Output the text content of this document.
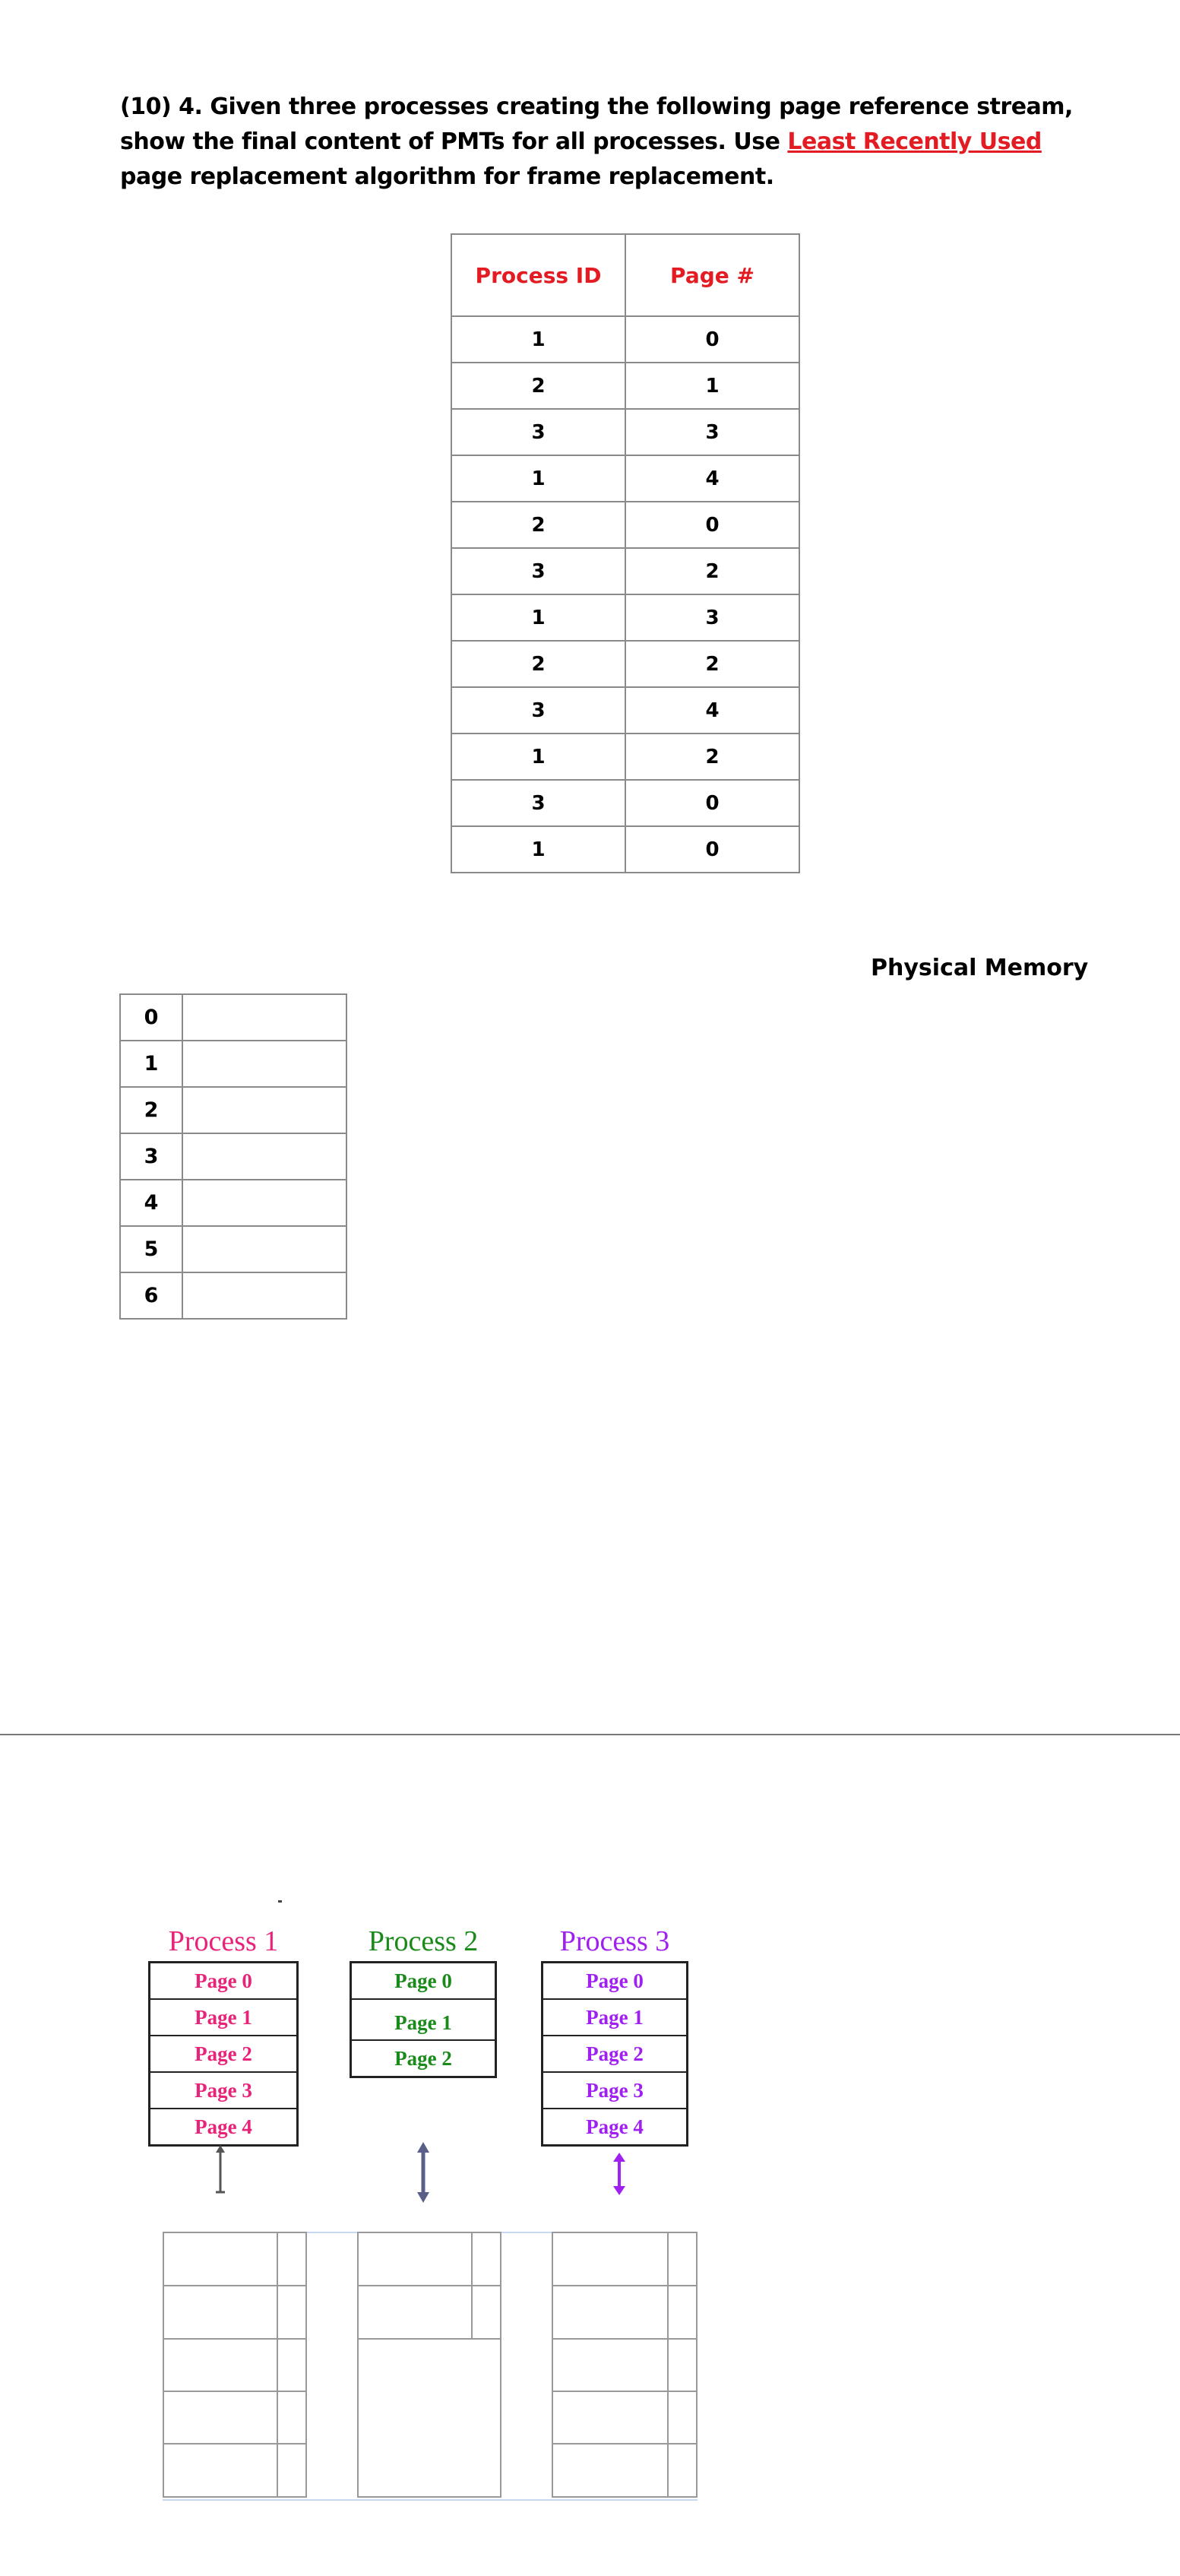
(10) 4. Given three processes creating the following page reference stream, show the final content of PMTs for all processes. Use Least Recently Used page replacement algorithm for frame replacement.
Process ID	Page #
1	0
2	1
3	3
1	4
2	0
3	2
1	3
2	2
3	4
1	2
3	0
1	0
Physical Memory
0	
1	
2	
3	
4	
5	
6	
Process 1
Page 0
Page 1
Page 2
Page 3
Page 4
Process 2
Page 0
Page 1
Page 2
Process 3
Page 0
Page 1
Page 2
Page 3
Page 4
